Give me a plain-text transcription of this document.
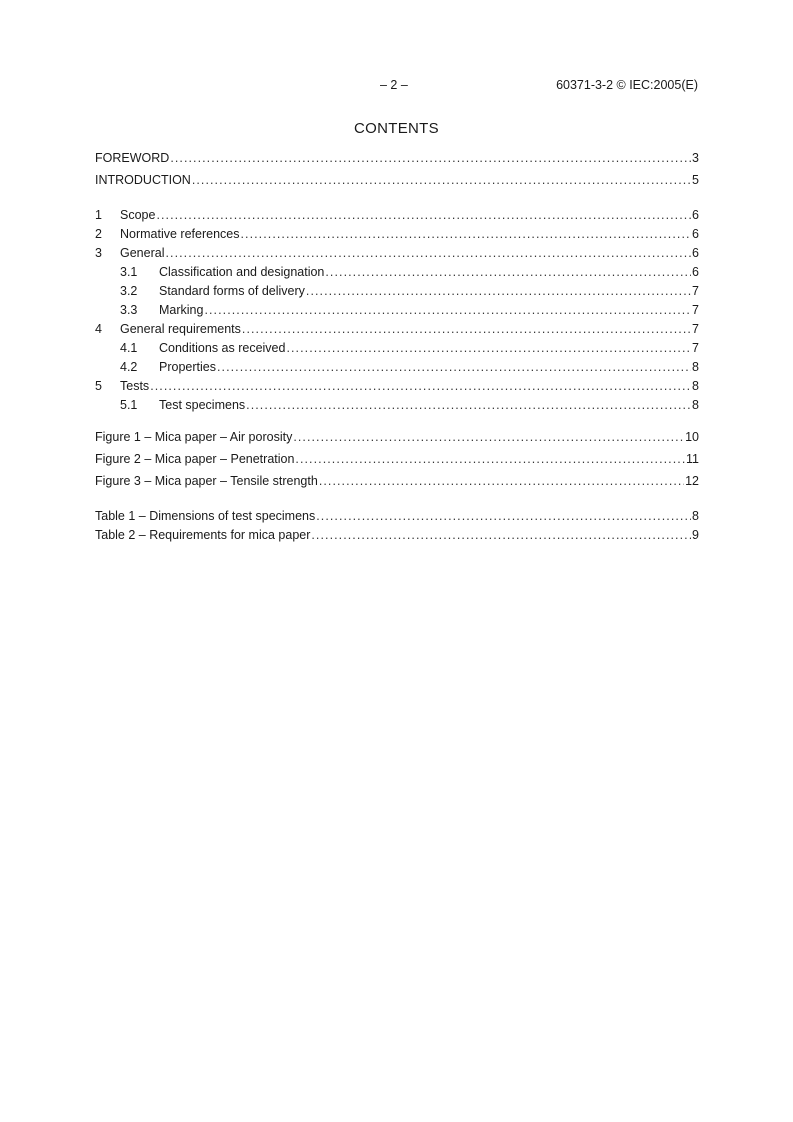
– 2 –	60371-3-2 © IEC:2005(E)
CONTENTS
FOREWORD . . .	3
INTRODUCTION . . .	5
1	Scope . . .	6
2	Normative references . . .	6
3	General . . .	6
3.1	Classification and designation . . .	6
3.2	Standard forms of delivery . . .	7
3.3	Marking . . .	7
4	General requirements . . .	7
4.1	Conditions as received . . .	7
4.2	Properties . . .	8
5	Tests . . .	8
5.1	Test specimens . . .	8
Figure 1 – Mica paper – Air porosity . . .	10
Figure 2 – Mica paper – Penetration . . .	11
Figure 3 – Mica paper – Tensile strength . . .	12
Table 1 – Dimensions of test specimens . . .	8
Table 2 – Requirements for mica paper . . .	9
